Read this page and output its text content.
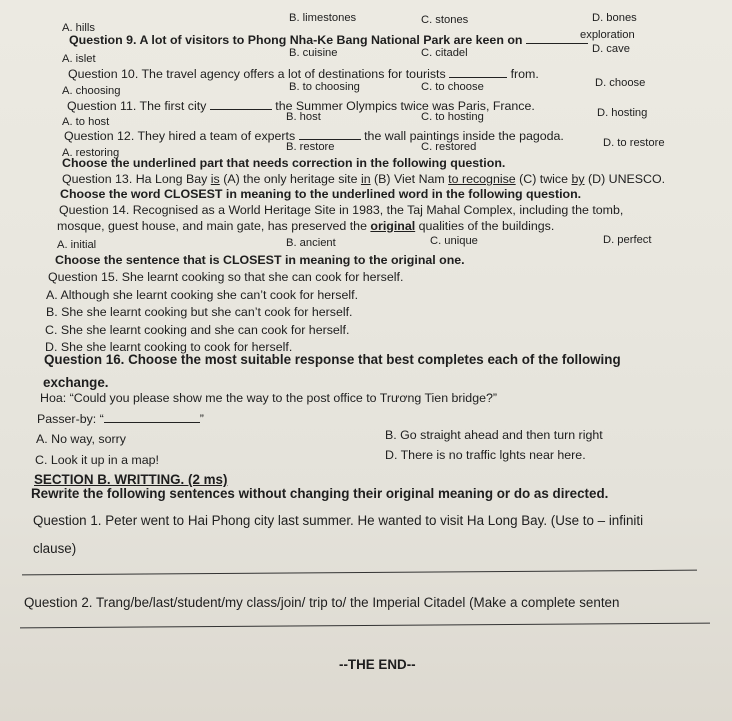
A. hills
B. limestones	C. stones	D. bones
Question 9. A lot of visitors to Phong Nha-Ke Bang National Park are keen on	exploration
A. islet	B. cuisine	C. citadel	D. cave
Question 10. The travel agency offers a lot of destinations for tourists	from.
A. choosing	B. to choosing	C. to choose	D. choose
Question 11. The first city	the Summer Olympics twice was Paris, France.
A. to host	B. host	C. to hosting	D. hosting
Question 12. They hired a team of experts	the wall paintings inside the pagoda.
A. restoring	B. restore	C. restored	D. to restore
Choose the underlined part that needs correction in the following question.
Question 13. Ha Long Bay is (A) the only heritage site in (B) Viet Nam to recognise (C) twice by (D) UNESCO.
Choose the word CLOSEST in meaning to the underlined word in the following question.
Question 14. Recognised as a World Heritage Site in 1983, the Taj Mahal Complex, including the tomb,
mosque, guest house, and main gate, has preserved the original qualities of the buildings.
A. initial	B. ancient	C. unique	D. perfect
Choose the sentence that is CLOSEST in meaning to the original one.
Question 15. She learnt cooking so that she can cook for herself.
A. Although she learnt cooking she can’t cook for herself.
B. She she learnt cooking but she can’t cook for herself.
C. She she learnt cooking and she can cook for herself.
D. She she learnt cooking to cook for herself.
Question 16. Choose the most suitable response that best completes each of the following
exchange.
Hoa: “Could you please show me the way to the post office to Trương Tien bridge?”
Passer-by: “	”
A. No way, sorry	B. Go straight ahead and then turn right
C. Look it up in a map!	D. There is no traffic lghts near here.
SECTION B. WRITTING. (2 ms)
Rewrite the following sentences without changing their original meaning or do as directed.
Question 1. Peter went to Hai Phong city last summer. He wanted to visit Ha Long Bay. (Use to – infiniti
clause)
Question 2. Trang/be/last/student/my class/join/ trip to/ the Imperial Citadel (Make a complete senten
--THE END--
